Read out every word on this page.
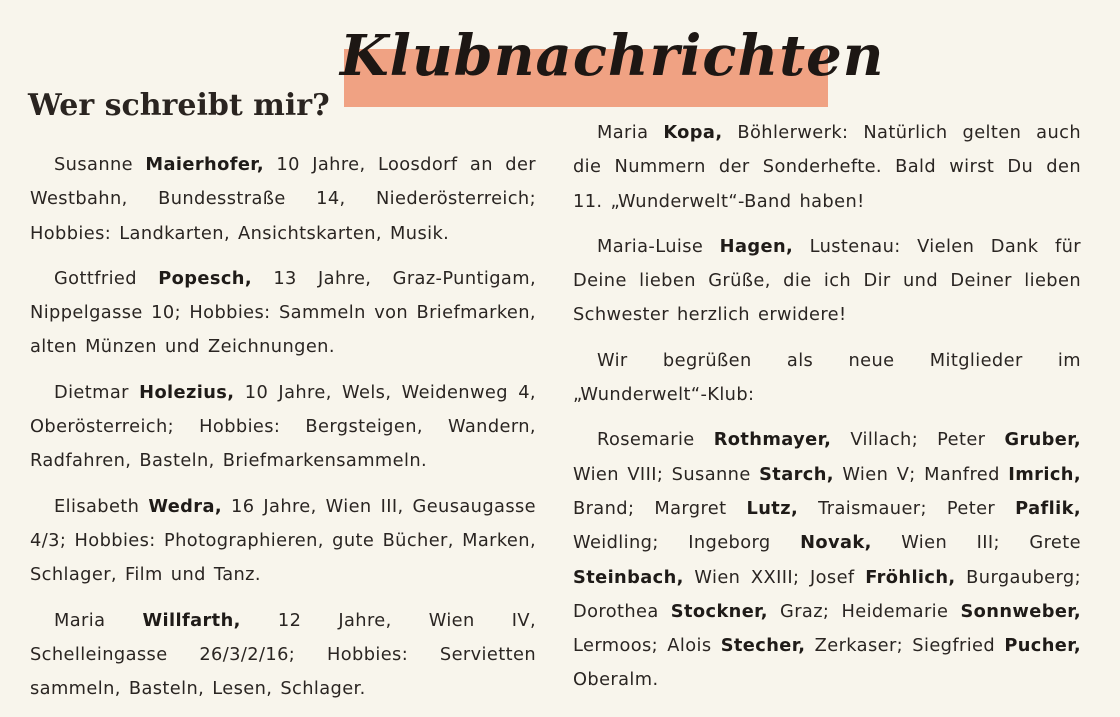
Klubnachrichten
Wer schreibt mir?

Susanne Maierhofer, 10 Jahre, Loosdorf an der Westbahn, Bundesstraße 14, Niederösterreich; Hobbies: Landkarten, Ansichtskarten, Musik.

Gottfried Popesch, 13 Jahre, Graz-Puntigam, Nippelgasse 10; Hobbies: Sammeln von Briefmarken, alten Münzen und Zeichnungen.

Dietmar Holezius, 10 Jahre, Wels, Weidenweg 4, Oberösterreich; Hobbies: Bergsteigen, Wandern, Radfahren, Basteln, Briefmarkensammeln.

Elisabeth Wedra, 16 Jahre, Wien III, Geusaugasse 4/3; Hobbies: Photographieren, gute Bücher, Marken, Schlager, Film und Tanz.

Maria Willfarth, 12 Jahre, Wien IV, Schelleingasse 26/3/2/16; Hobbies: Servietten sammeln, Basteln, Lesen, Schlager.

Maria Kopa, Böhlerwerk: Natürlich gelten auch die Nummern der Sonderhefte. Bald wirst Du den 11. „Wunderwelt“-Band haben!

Maria-Luise Hagen, Lustenau: Vielen Dank für Deine lieben Grüße, die ich Dir und Deiner lieben Schwester herzlich erwidere!

Wir begrüßen als neue Mitglieder im „Wunderwelt“-Klub:

Rosemarie Rothmayer, Villach; Peter Gruber, Wien VIII; Susanne Starch, Wien V; Manfred Imrich, Brand; Margret Lutz, Traismauer; Peter Paflik, Weidling; Ingeborg Novak, Wien III; Grete Steinbach, Wien XXIII; Josef Fröhlich, Burgauberg; Dorothea Stockner, Graz; Heidemarie Sonnweber, Lermoos; Alois Stecher, Zerkaser; Siegfried Pucher, Oberalm.
